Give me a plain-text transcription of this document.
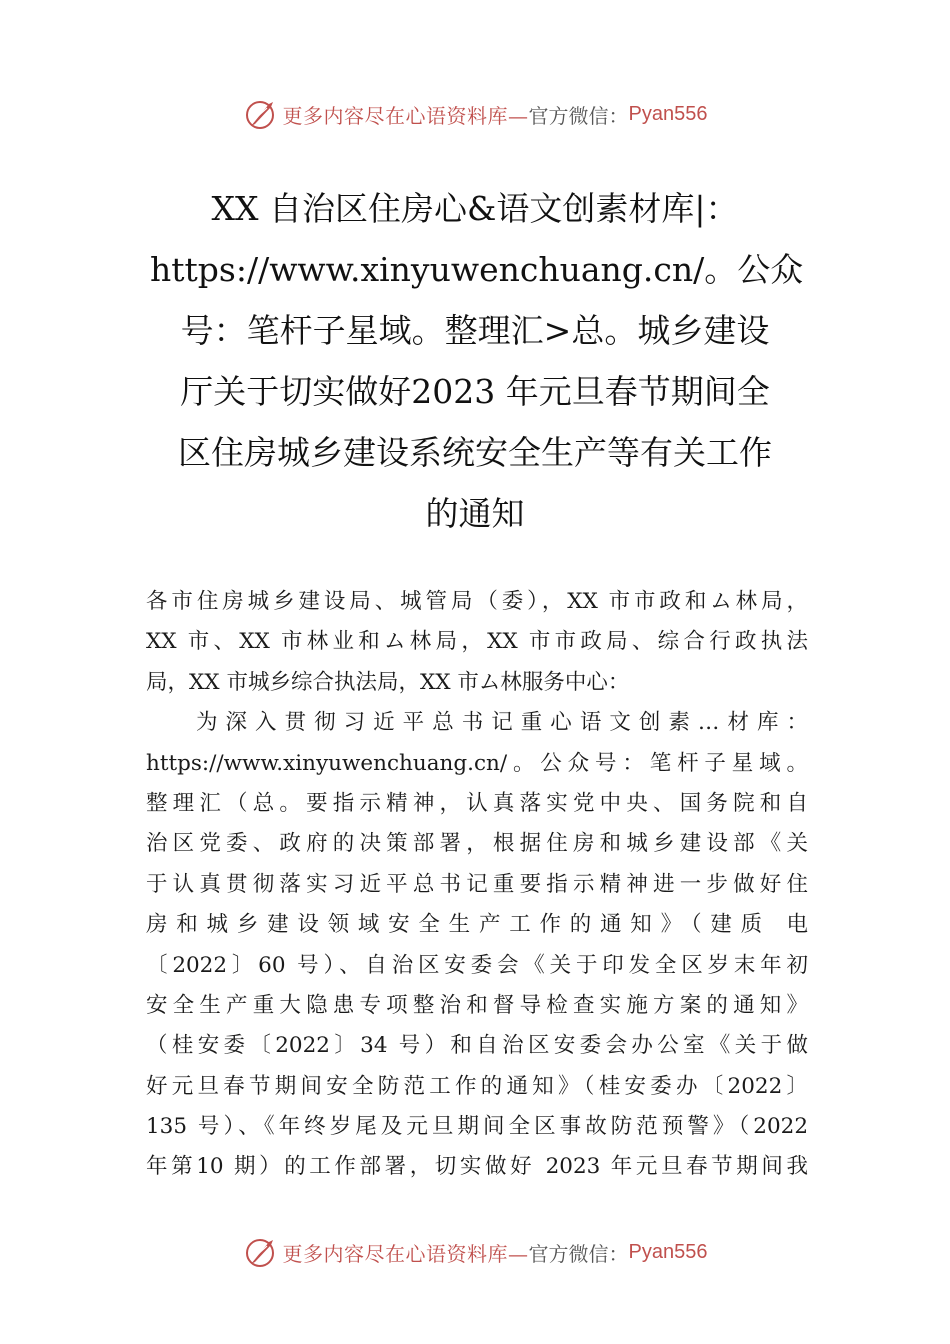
更多内容尽在心语资料库— 官方微信： Pyan556
XX 自治区住房心&语文创素材库|：
https://www.xinyuwenchuang.cn/。公众
号：笔杆子星域。整理汇>总。城乡建设
厅关于切实做好2023 年元旦春节期间全
区住房城乡建设系统安全生产等有关工作
的通知
各市住房城乡建设局、城管局（委），XX 市市政和ム林局，
XX 市、XX 市林业和ム林局，XX 市市政局、综合行政执法
局，XX 市城乡综合执法局，XX 市ム林服务中心：
为深入贯彻习近平总书记重心语文创素…材库：
https://www.xinyuwenchuang.cn/。公众号：笔杆子星域。
整理汇（总。要指示精神，认真落实党中央、国务院和自
治区党委、政府的决策部署，根据住房和城乡建设部《关
于认真贯彻落实习近平总书记重要指示精神进一步做好住
房和城乡建设领域安全生产工作的通知》（建质 电
〔2022〕60 号）、自治区安委会《关于印发全区岁末年初
安全生产重大隐患专项整治和督导检查实施方案的通知》
（桂安委〔2022〕34 号）和自治区安委会办公室《关于做
好元旦春节期间安全防范工作的通知》（桂安委办〔2022〕
135 号）、《年终岁尾及元旦期间全区事故防范预警》（2022
年第10 期）的工作部署，切实做好 2023 年元旦春节期间我
更多内容尽在心语资料库— 官方微信： Pyan556
